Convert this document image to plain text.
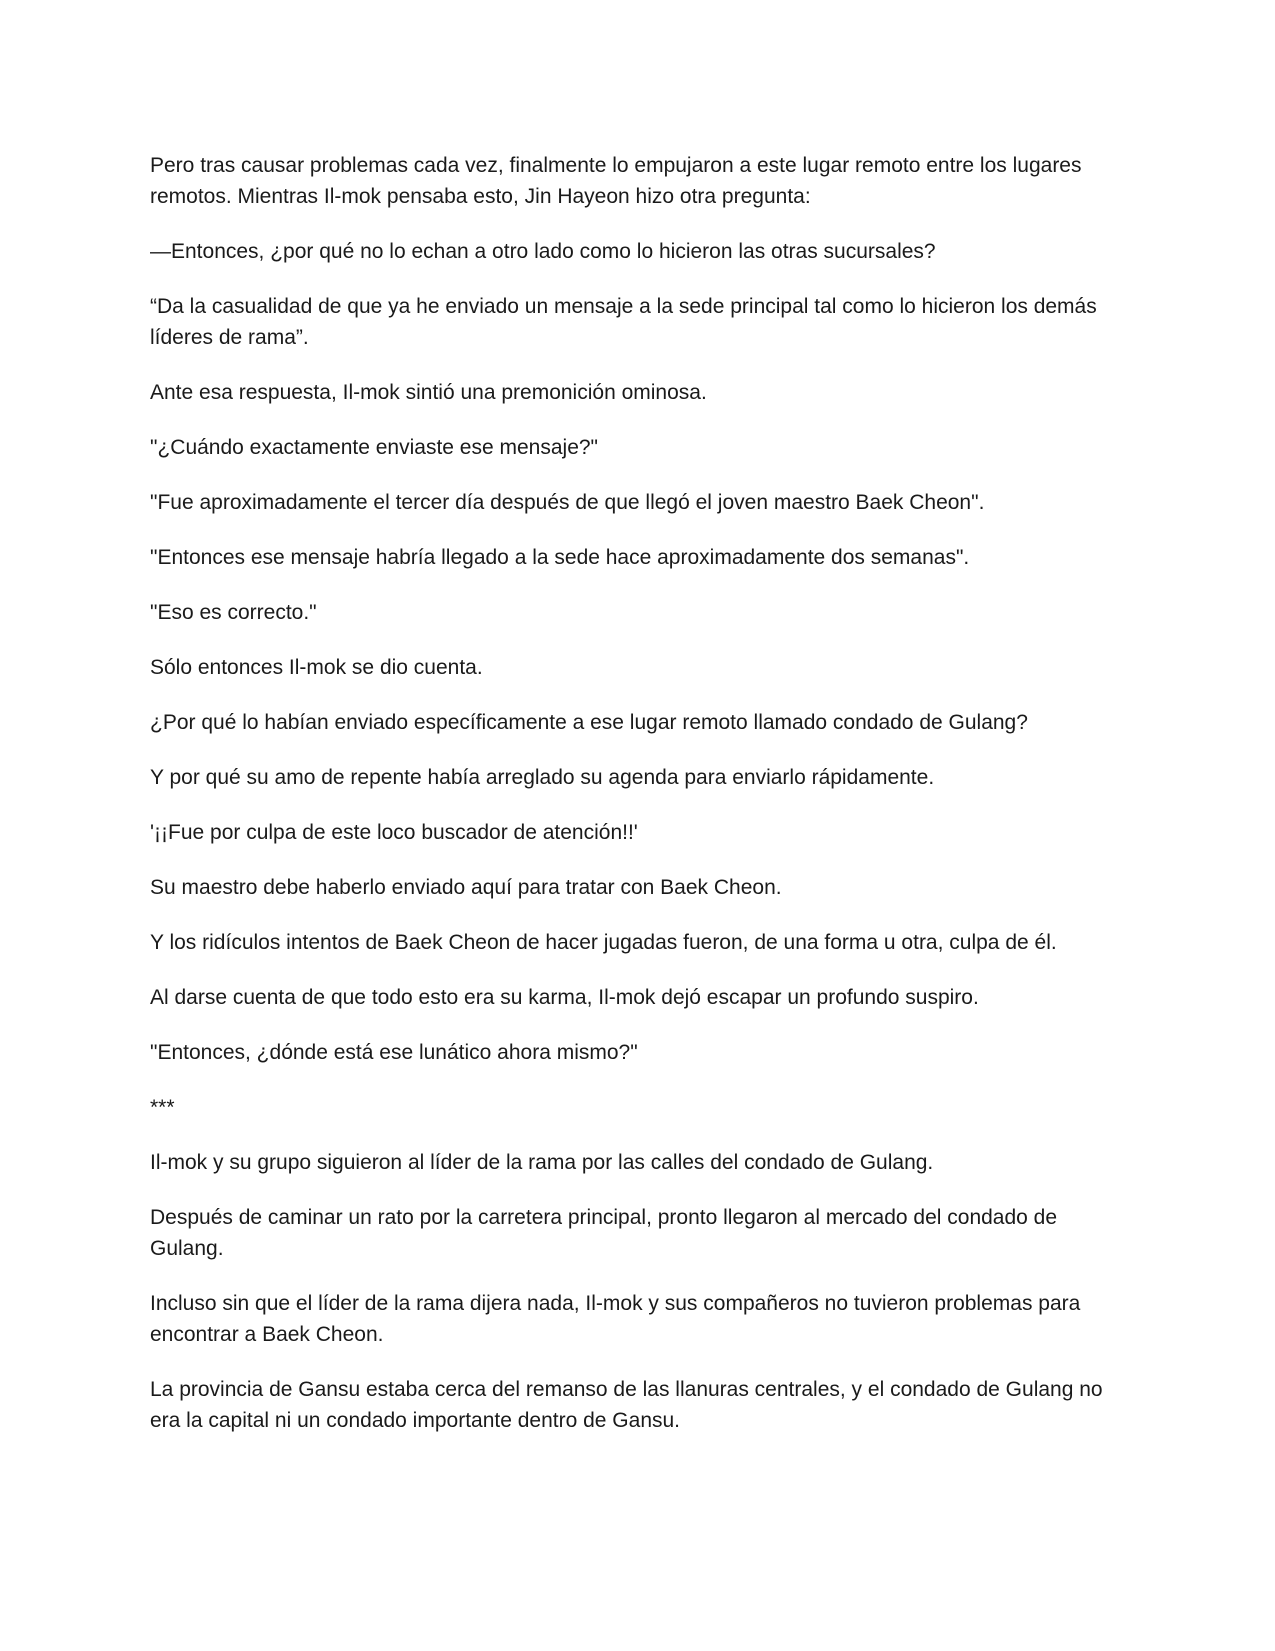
Pero tras causar problemas cada vez, finalmente lo empujaron a este lugar remoto entre los lugares remotos. Mientras Il-mok pensaba esto, Jin Hayeon hizo otra pregunta:

—Entonces, ¿por qué no lo echan a otro lado como lo hicieron las otras sucursales?

“Da la casualidad de que ya he enviado un mensaje a la sede principal tal como lo hicieron los demás líderes de rama”.

Ante esa respuesta, Il-mok sintió una premonición ominosa.

"¿Cuándo exactamente enviaste ese mensaje?"

"Fue aproximadamente el tercer día después de que llegó el joven maestro Baek Cheon".

"Entonces ese mensaje habría llegado a la sede hace aproximadamente dos semanas".

"Eso es correcto."

Sólo entonces Il-mok se dio cuenta.

¿Por qué lo habían enviado específicamente a ese lugar remoto llamado condado de Gulang?

Y por qué su amo de repente había arreglado su agenda para enviarlo rápidamente.

'¡¡Fue por culpa de este loco buscador de atención!!'

Su maestro debe haberlo enviado aquí para tratar con Baek Cheon.

Y los ridículos intentos de Baek Cheon de hacer jugadas fueron, de una forma u otra, culpa de él.

Al darse cuenta de que todo esto era su karma, Il-mok dejó escapar un profundo suspiro.

"Entonces, ¿dónde está ese lunático ahora mismo?"

***

Il-mok y su grupo siguieron al líder de la rama por las calles del condado de Gulang.

Después de caminar un rato por la carretera principal, pronto llegaron al mercado del condado de Gulang.

Incluso sin que el líder de la rama dijera nada, Il-mok y sus compañeros no tuvieron problemas para encontrar a Baek Cheon.

La provincia de Gansu estaba cerca del remanso de las llanuras centrales, y el condado de Gulang no era la capital ni un condado importante dentro de Gansu.
